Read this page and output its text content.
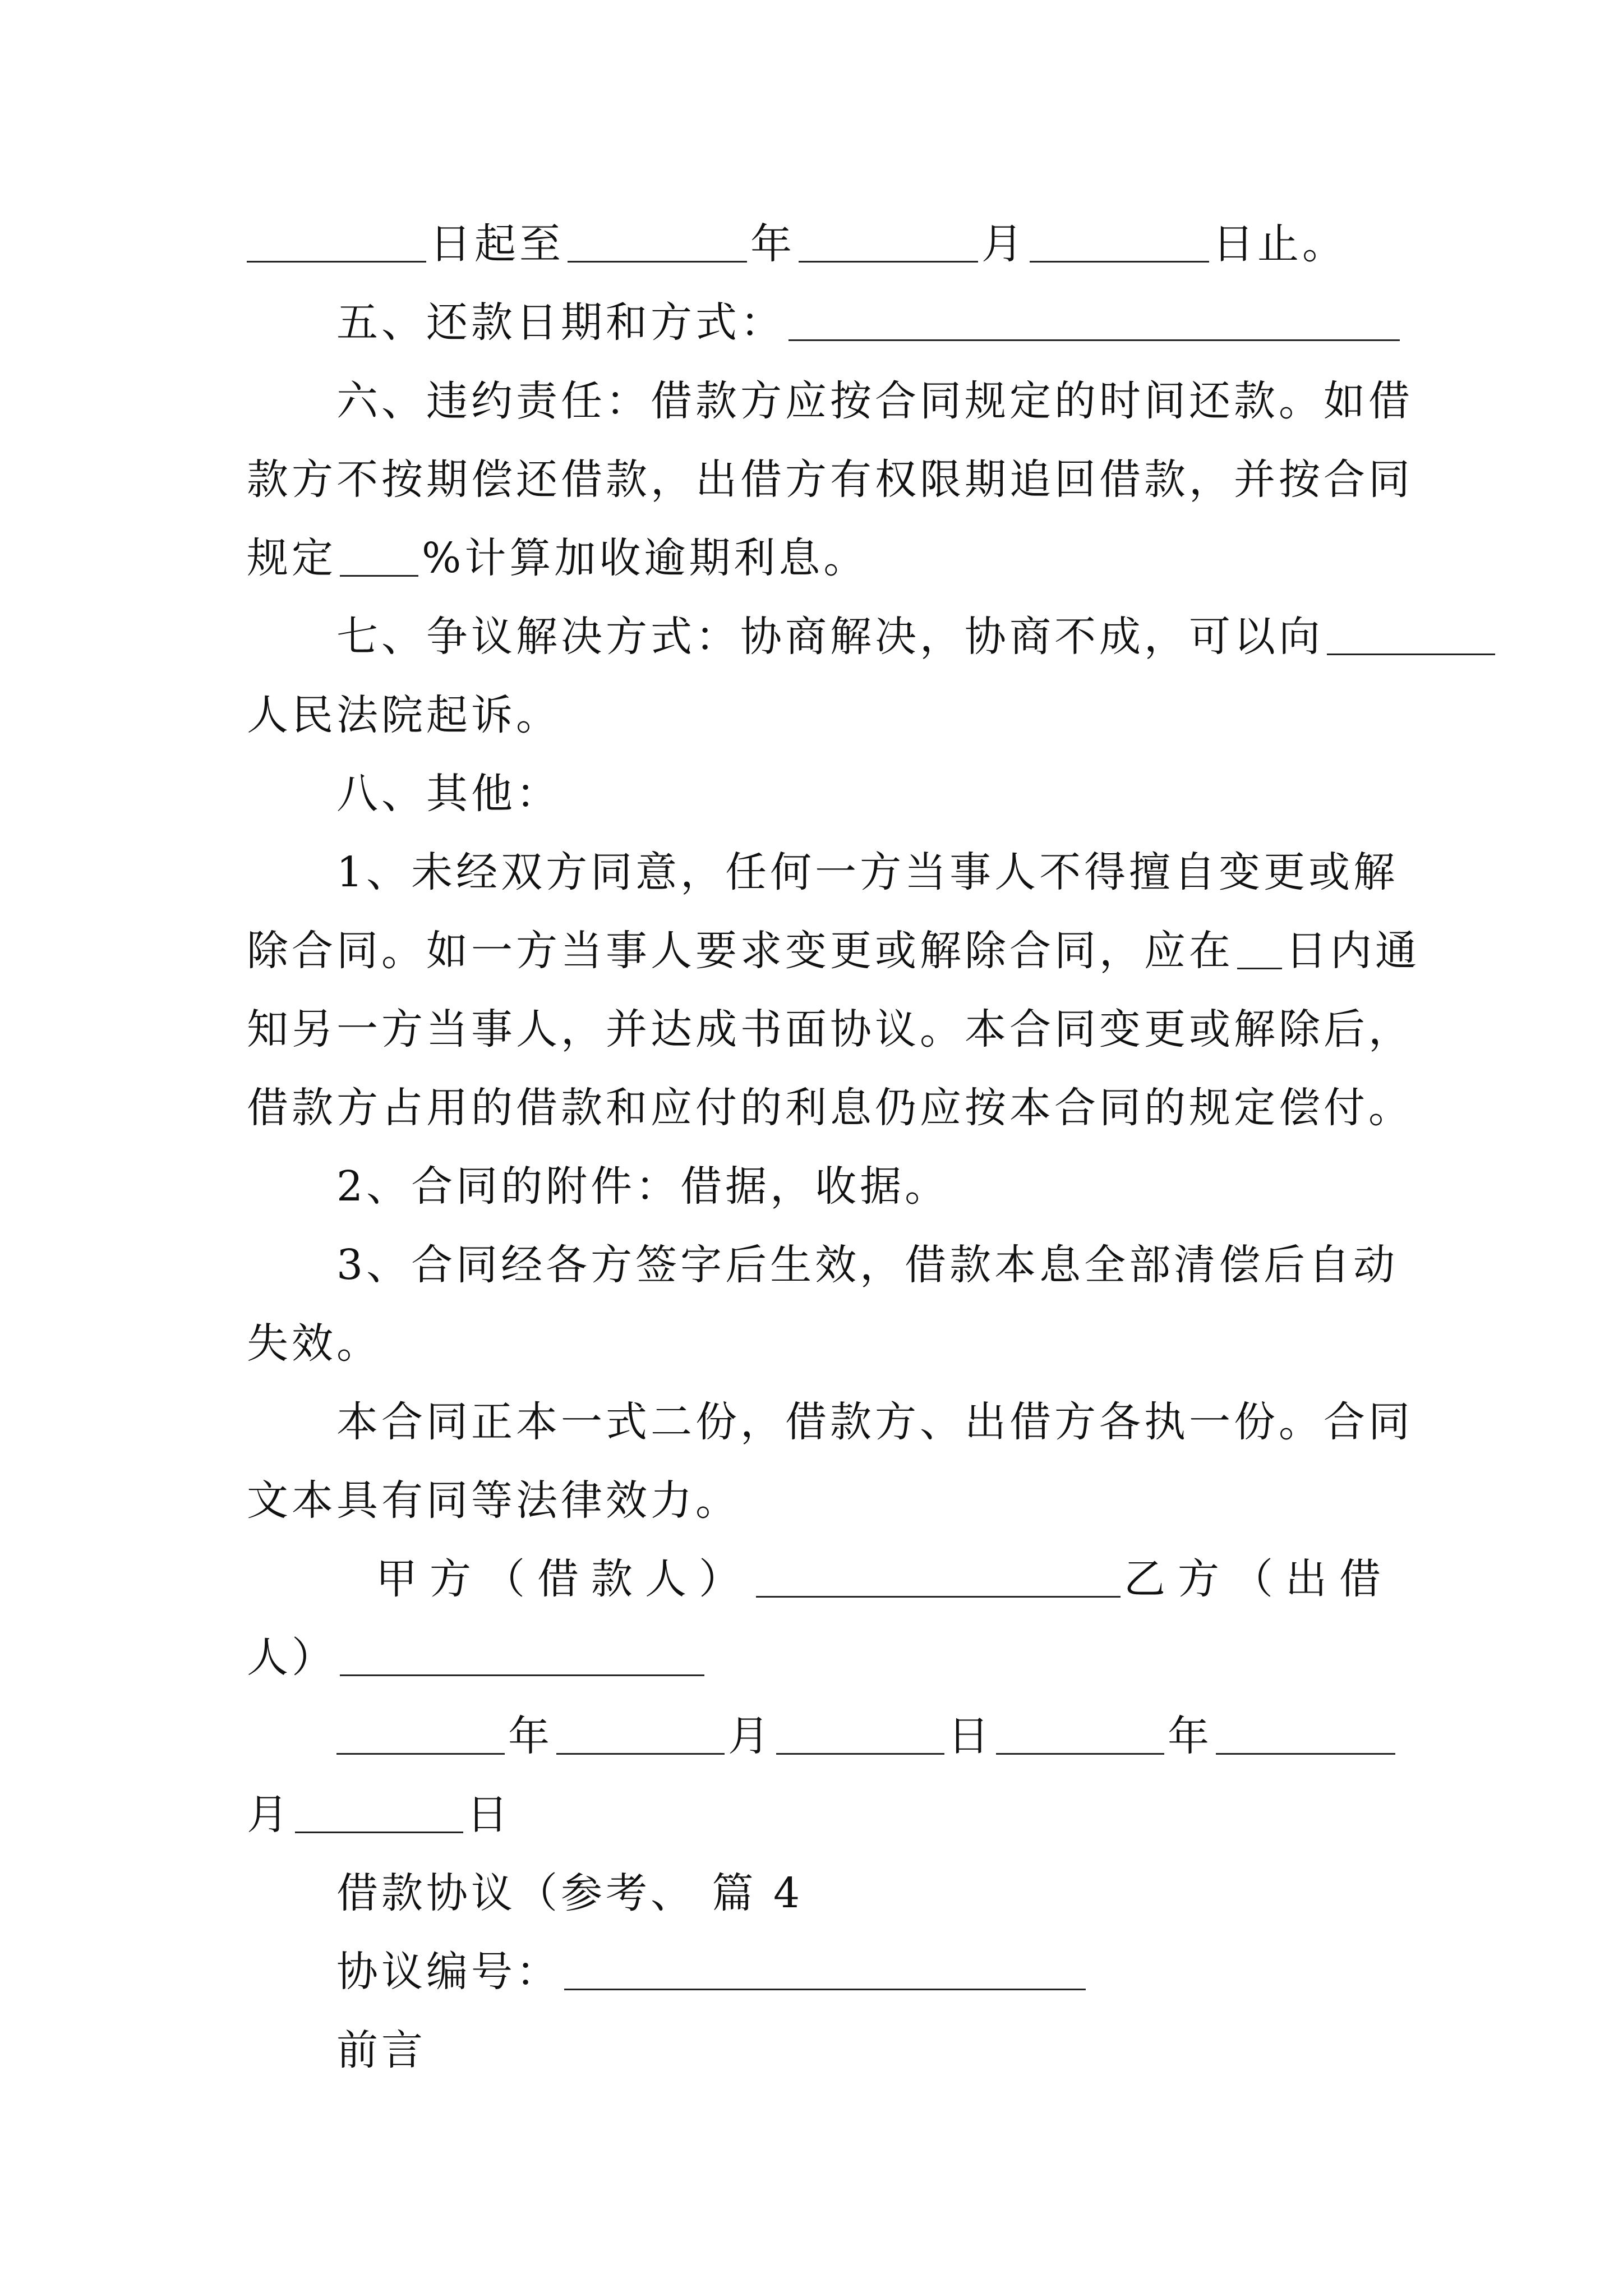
日起至	年	月	日止。
五、还款日期和方式：
六、违约责任：借款方应按合同规定的时间还款。如借
款方不按期偿还借款，出借方有权限期追回借款，并按合同
规定 %计算加收逾期利息。
七、争议解决方式：协商解决，协商不成，可以向
人民法院起诉。
八、其他：
1、未经双方同意，任何一方当事人不得擅自变更或解
除合同。如一方当事人要求变更或解除合同，应在 日内通
知另一方当事人，并达成书面协议。本合同变更或解除后，
借款方占用的借款和应付的利息仍应按本合同的规定偿付。
2、合同的附件：借据，收据。
3、合同经各方签字后生效，借款本息全部清偿后自动
失效。
本合同正本一式二份，借款方、出借方各执一份。合同
文本具有同等法律效力。
甲方（借款人）	乙方（出借
人）
年	月	日	年
月	日
借款协议（参考、 篇 4
协议编号：
前言
